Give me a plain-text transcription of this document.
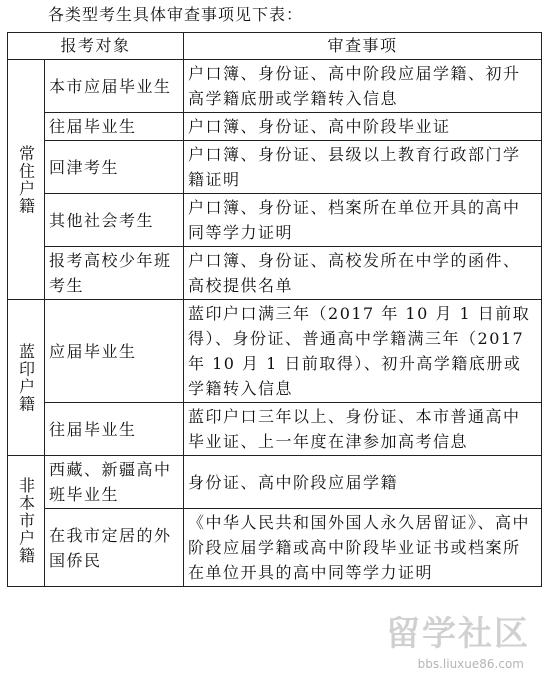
各类型考生具体审查事项见下表：
报考对象		审查事项
常住户籍	本市应届毕业生	户口簿、身份证、高中阶段应届学籍、初升高学籍底册或学籍转入信息
	往届毕业生	户口簿、身份证、高中阶段毕业证
	回津考生	户口簿、身份证、县级以上教育行政部门学籍证明
	其他社会考生	户口簿、身份证、档案所在单位开具的高中同等学力证明
	报考高校少年班考生	户口簿、身份证、高校发所在中学的函件、高校提供名单
蓝印户籍	应届毕业生	蓝印户口满三年（2017 年 10 月 1 日前取得）、身份证、普通高中学籍满三年（2017 年 10 月 1 日前取得）、初升高学籍底册或学籍转入信息
	往届毕业生	蓝印户口三年以上、身份证、本市普通高中毕业证、上一年度在津参加高考信息
非本市户籍	西藏、新疆高中班毕业生	身份证、高中阶段应届学籍
	在我市定居的外国侨民	《中华人民共和国外国人永久居留证》、高中阶段应届学籍或高中阶段毕业证书或档案所在单位开具的高中同等学力证明
留学社区
bbs.liuxue86.com
